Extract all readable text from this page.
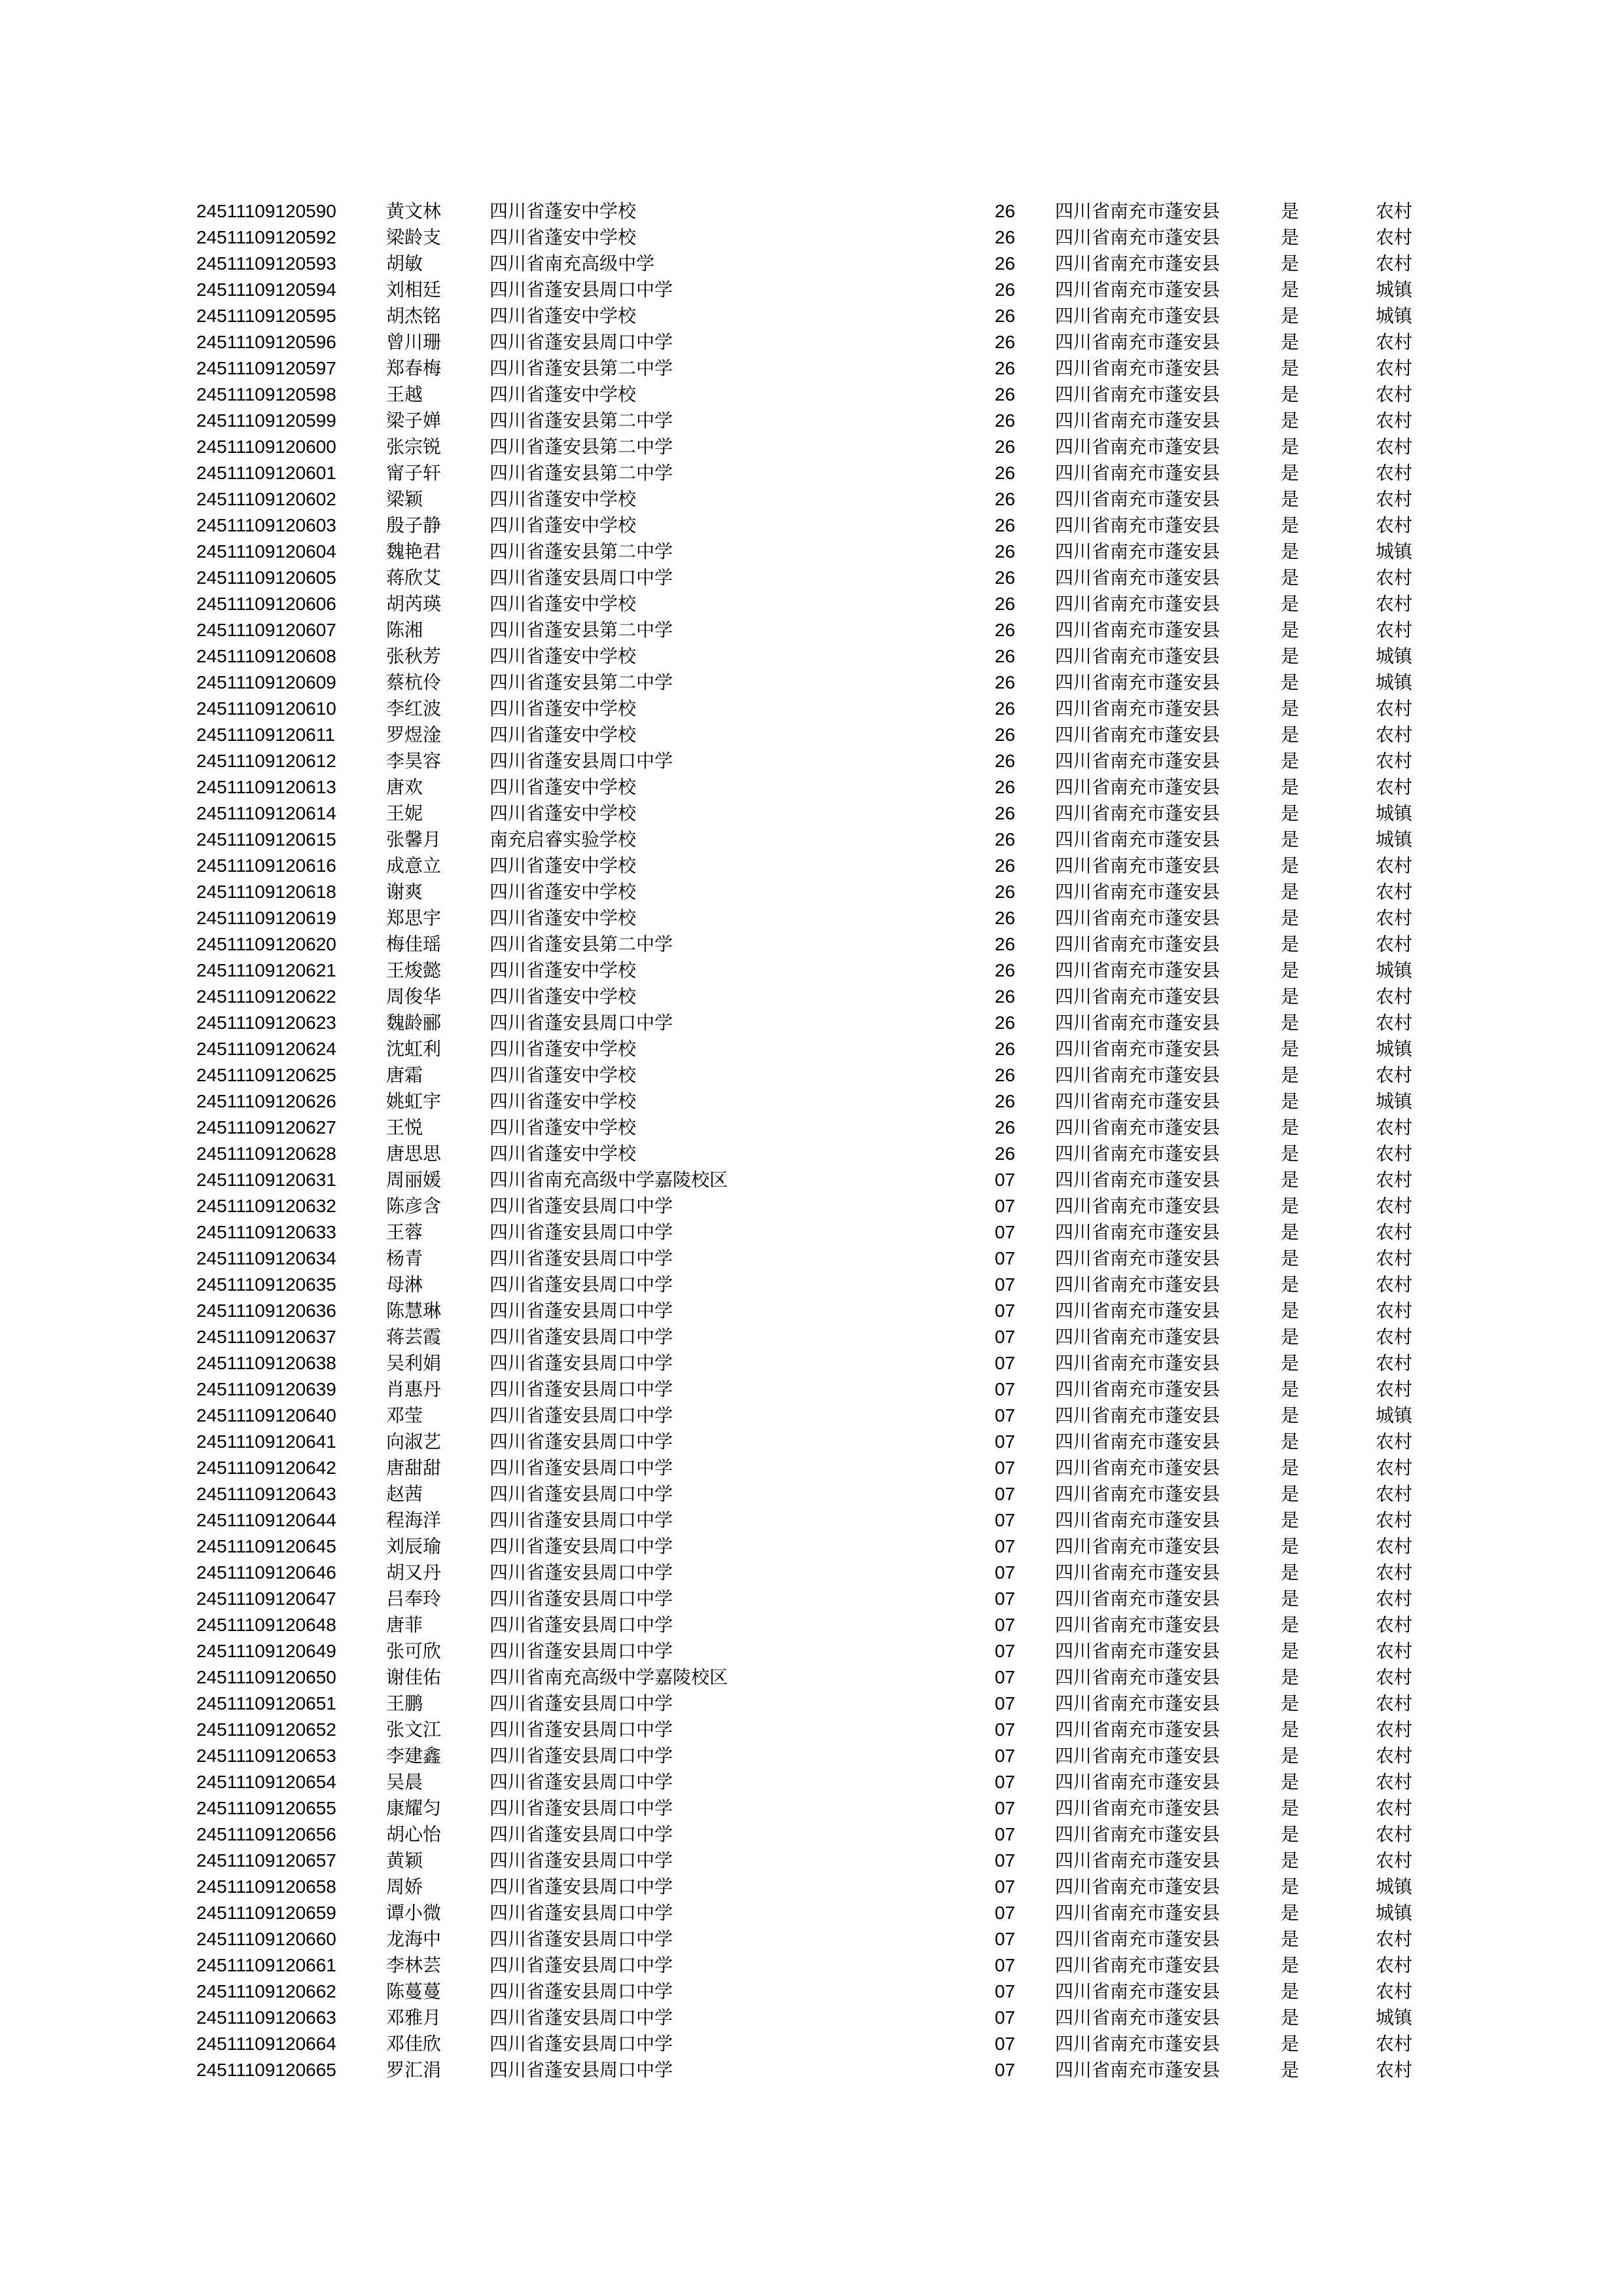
24511109120590	黄文林	四川省蓬安中学校	26	四川省南充市蓬安县	是	农村
24511109120592	梁龄支	四川省蓬安中学校	26	四川省南充市蓬安县	是	农村
24511109120593	胡敏	四川省南充高级中学	26	四川省南充市蓬安县	是	农村
24511109120594	刘相廷	四川省蓬安县周口中学	26	四川省南充市蓬安县	是	城镇
24511109120595	胡杰铭	四川省蓬安中学校	26	四川省南充市蓬安县	是	城镇
24511109120596	曾川珊	四川省蓬安县周口中学	26	四川省南充市蓬安县	是	农村
24511109120597	郑春梅	四川省蓬安县第二中学	26	四川省南充市蓬安县	是	农村
24511109120598	王越	四川省蓬安中学校	26	四川省南充市蓬安县	是	农村
24511109120599	梁子婵	四川省蓬安县第二中学	26	四川省南充市蓬安县	是	农村
24511109120600	张宗锐	四川省蓬安县第二中学	26	四川省南充市蓬安县	是	农村
24511109120601	甯子轩	四川省蓬安县第二中学	26	四川省南充市蓬安县	是	农村
24511109120602	梁颖	四川省蓬安中学校	26	四川省南充市蓬安县	是	农村
24511109120603	殷子静	四川省蓬安中学校	26	四川省南充市蓬安县	是	农村
24511109120604	魏艳君	四川省蓬安县第二中学	26	四川省南充市蓬安县	是	城镇
24511109120605	蒋欣艾	四川省蓬安县周口中学	26	四川省南充市蓬安县	是	农村
24511109120606	胡芮瑛	四川省蓬安中学校	26	四川省南充市蓬安县	是	农村
24511109120607	陈湘	四川省蓬安县第二中学	26	四川省南充市蓬安县	是	农村
24511109120608	张秋芳	四川省蓬安中学校	26	四川省南充市蓬安县	是	城镇
24511109120609	蔡杭伶	四川省蓬安县第二中学	26	四川省南充市蓬安县	是	城镇
24511109120610	李红波	四川省蓬安中学校	26	四川省南充市蓬安县	是	农村
24511109120611	罗煜淦	四川省蓬安中学校	26	四川省南充市蓬安县	是	农村
24511109120612	李昊容	四川省蓬安县周口中学	26	四川省南充市蓬安县	是	农村
24511109120613	唐欢	四川省蓬安中学校	26	四川省南充市蓬安县	是	农村
24511109120614	王妮	四川省蓬安中学校	26	四川省南充市蓬安县	是	城镇
24511109120615	张馨月	南充启睿实验学校	26	四川省南充市蓬安县	是	城镇
24511109120616	成意立	四川省蓬安中学校	26	四川省南充市蓬安县	是	农村
24511109120618	谢爽	四川省蓬安中学校	26	四川省南充市蓬安县	是	农村
24511109120619	郑思宇	四川省蓬安中学校	26	四川省南充市蓬安县	是	农村
24511109120620	梅佳瑶	四川省蓬安县第二中学	26	四川省南充市蓬安县	是	农村
24511109120621	王焌懿	四川省蓬安中学校	26	四川省南充市蓬安县	是	城镇
24511109120622	周俊华	四川省蓬安中学校	26	四川省南充市蓬安县	是	农村
24511109120623	魏龄郦	四川省蓬安县周口中学	26	四川省南充市蓬安县	是	农村
24511109120624	沈虹利	四川省蓬安中学校	26	四川省南充市蓬安县	是	城镇
24511109120625	唐霜	四川省蓬安中学校	26	四川省南充市蓬安县	是	农村
24511109120626	姚虹宇	四川省蓬安中学校	26	四川省南充市蓬安县	是	城镇
24511109120627	王悦	四川省蓬安中学校	26	四川省南充市蓬安县	是	农村
24511109120628	唐思思	四川省蓬安中学校	26	四川省南充市蓬安县	是	农村
24511109120631	周丽媛	四川省南充高级中学嘉陵校区	07	四川省南充市蓬安县	是	农村
24511109120632	陈彦含	四川省蓬安县周口中学	07	四川省南充市蓬安县	是	农村
24511109120633	王蓉	四川省蓬安县周口中学	07	四川省南充市蓬安县	是	农村
24511109120634	杨青	四川省蓬安县周口中学	07	四川省南充市蓬安县	是	农村
24511109120635	母淋	四川省蓬安县周口中学	07	四川省南充市蓬安县	是	农村
24511109120636	陈慧琳	四川省蓬安县周口中学	07	四川省南充市蓬安县	是	农村
24511109120637	蒋芸霞	四川省蓬安县周口中学	07	四川省南充市蓬安县	是	农村
24511109120638	吴利娟	四川省蓬安县周口中学	07	四川省南充市蓬安县	是	农村
24511109120639	肖惠丹	四川省蓬安县周口中学	07	四川省南充市蓬安县	是	农村
24511109120640	邓莹	四川省蓬安县周口中学	07	四川省南充市蓬安县	是	城镇
24511109120641	向淑艺	四川省蓬安县周口中学	07	四川省南充市蓬安县	是	农村
24511109120642	唐甜甜	四川省蓬安县周口中学	07	四川省南充市蓬安县	是	农村
24511109120643	赵茜	四川省蓬安县周口中学	07	四川省南充市蓬安县	是	农村
24511109120644	程海洋	四川省蓬安县周口中学	07	四川省南充市蓬安县	是	农村
24511109120645	刘辰瑜	四川省蓬安县周口中学	07	四川省南充市蓬安县	是	农村
24511109120646	胡又丹	四川省蓬安县周口中学	07	四川省南充市蓬安县	是	农村
24511109120647	吕奉玲	四川省蓬安县周口中学	07	四川省南充市蓬安县	是	农村
24511109120648	唐菲	四川省蓬安县周口中学	07	四川省南充市蓬安县	是	农村
24511109120649	张可欣	四川省蓬安县周口中学	07	四川省南充市蓬安县	是	农村
24511109120650	谢佳佑	四川省南充高级中学嘉陵校区	07	四川省南充市蓬安县	是	农村
24511109120651	王鹏	四川省蓬安县周口中学	07	四川省南充市蓬安县	是	农村
24511109120652	张文江	四川省蓬安县周口中学	07	四川省南充市蓬安县	是	农村
24511109120653	李建鑫	四川省蓬安县周口中学	07	四川省南充市蓬安县	是	农村
24511109120654	吴晨	四川省蓬安县周口中学	07	四川省南充市蓬安县	是	农村
24511109120655	康耀匀	四川省蓬安县周口中学	07	四川省南充市蓬安县	是	农村
24511109120656	胡心怡	四川省蓬安县周口中学	07	四川省南充市蓬安县	是	农村
24511109120657	黄颖	四川省蓬安县周口中学	07	四川省南充市蓬安县	是	农村
24511109120658	周娇	四川省蓬安县周口中学	07	四川省南充市蓬安县	是	城镇
24511109120659	谭小微	四川省蓬安县周口中学	07	四川省南充市蓬安县	是	城镇
24511109120660	龙海中	四川省蓬安县周口中学	07	四川省南充市蓬安县	是	农村
24511109120661	李林芸	四川省蓬安县周口中学	07	四川省南充市蓬安县	是	农村
24511109120662	陈蔓蔓	四川省蓬安县周口中学	07	四川省南充市蓬安县	是	农村
24511109120663	邓雅月	四川省蓬安县周口中学	07	四川省南充市蓬安县	是	城镇
24511109120664	邓佳欣	四川省蓬安县周口中学	07	四川省南充市蓬安县	是	农村
24511109120665	罗汇涓	四川省蓬安县周口中学	07	四川省南充市蓬安县	是	农村
